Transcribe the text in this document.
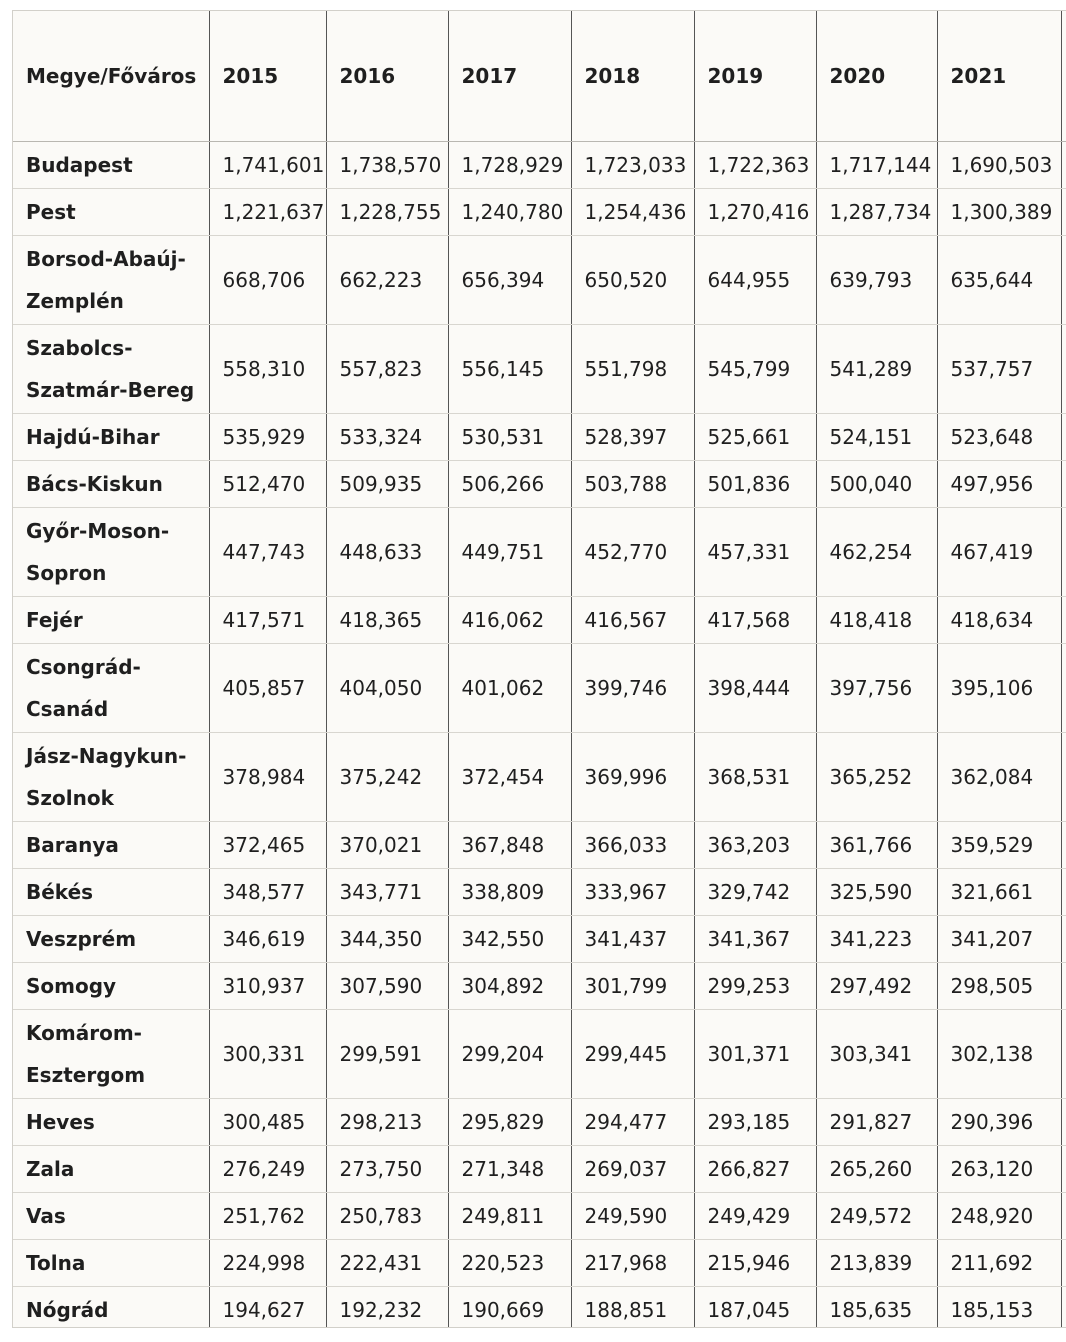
Megye/Főváros	2015	2016	2017	2018	2019	2020	2021	
Budapest	1,741,601	1,738,570	1,728,929	1,723,033	1,722,363	1,717,144	1,690,503	
Pest	1,221,637	1,228,755	1,240,780	1,254,436	1,270,416	1,287,734	1,300,389	
Borsod-Abaúj-Zemplén	668,706	662,223	656,394	650,520	644,955	639,793	635,644	
Szabolcs-Szatmár-Bereg	558,310	557,823	556,145	551,798	545,799	541,289	537,757	
Hajdú-Bihar	535,929	533,324	530,531	528,397	525,661	524,151	523,648	
Bács-Kiskun	512,470	509,935	506,266	503,788	501,836	500,040	497,956	
Győr-Moson-Sopron	447,743	448,633	449,751	452,770	457,331	462,254	467,419	
Fejér	417,571	418,365	416,062	416,567	417,568	418,418	418,634	
Csongrád-Csanád	405,857	404,050	401,062	399,746	398,444	397,756	395,106	
Jász-Nagykun-Szolnok	378,984	375,242	372,454	369,996	368,531	365,252	362,084	
Baranya	372,465	370,021	367,848	366,033	363,203	361,766	359,529	
Békés	348,577	343,771	338,809	333,967	329,742	325,590	321,661	
Veszprém	346,619	344,350	342,550	341,437	341,367	341,223	341,207	
Somogy	310,937	307,590	304,892	301,799	299,253	297,492	298,505	
Komárom-Esztergom	300,331	299,591	299,204	299,445	301,371	303,341	302,138	
Heves	300,485	298,213	295,829	294,477	293,185	291,827	290,396	
Zala	276,249	273,750	271,348	269,037	266,827	265,260	263,120	
Vas	251,762	250,783	249,811	249,590	249,429	249,572	248,920	
Tolna	224,998	222,431	220,523	217,968	215,946	213,839	211,692	
Nógrád	194,627	192,232	190,669	188,851	187,045	185,635	185,153	
